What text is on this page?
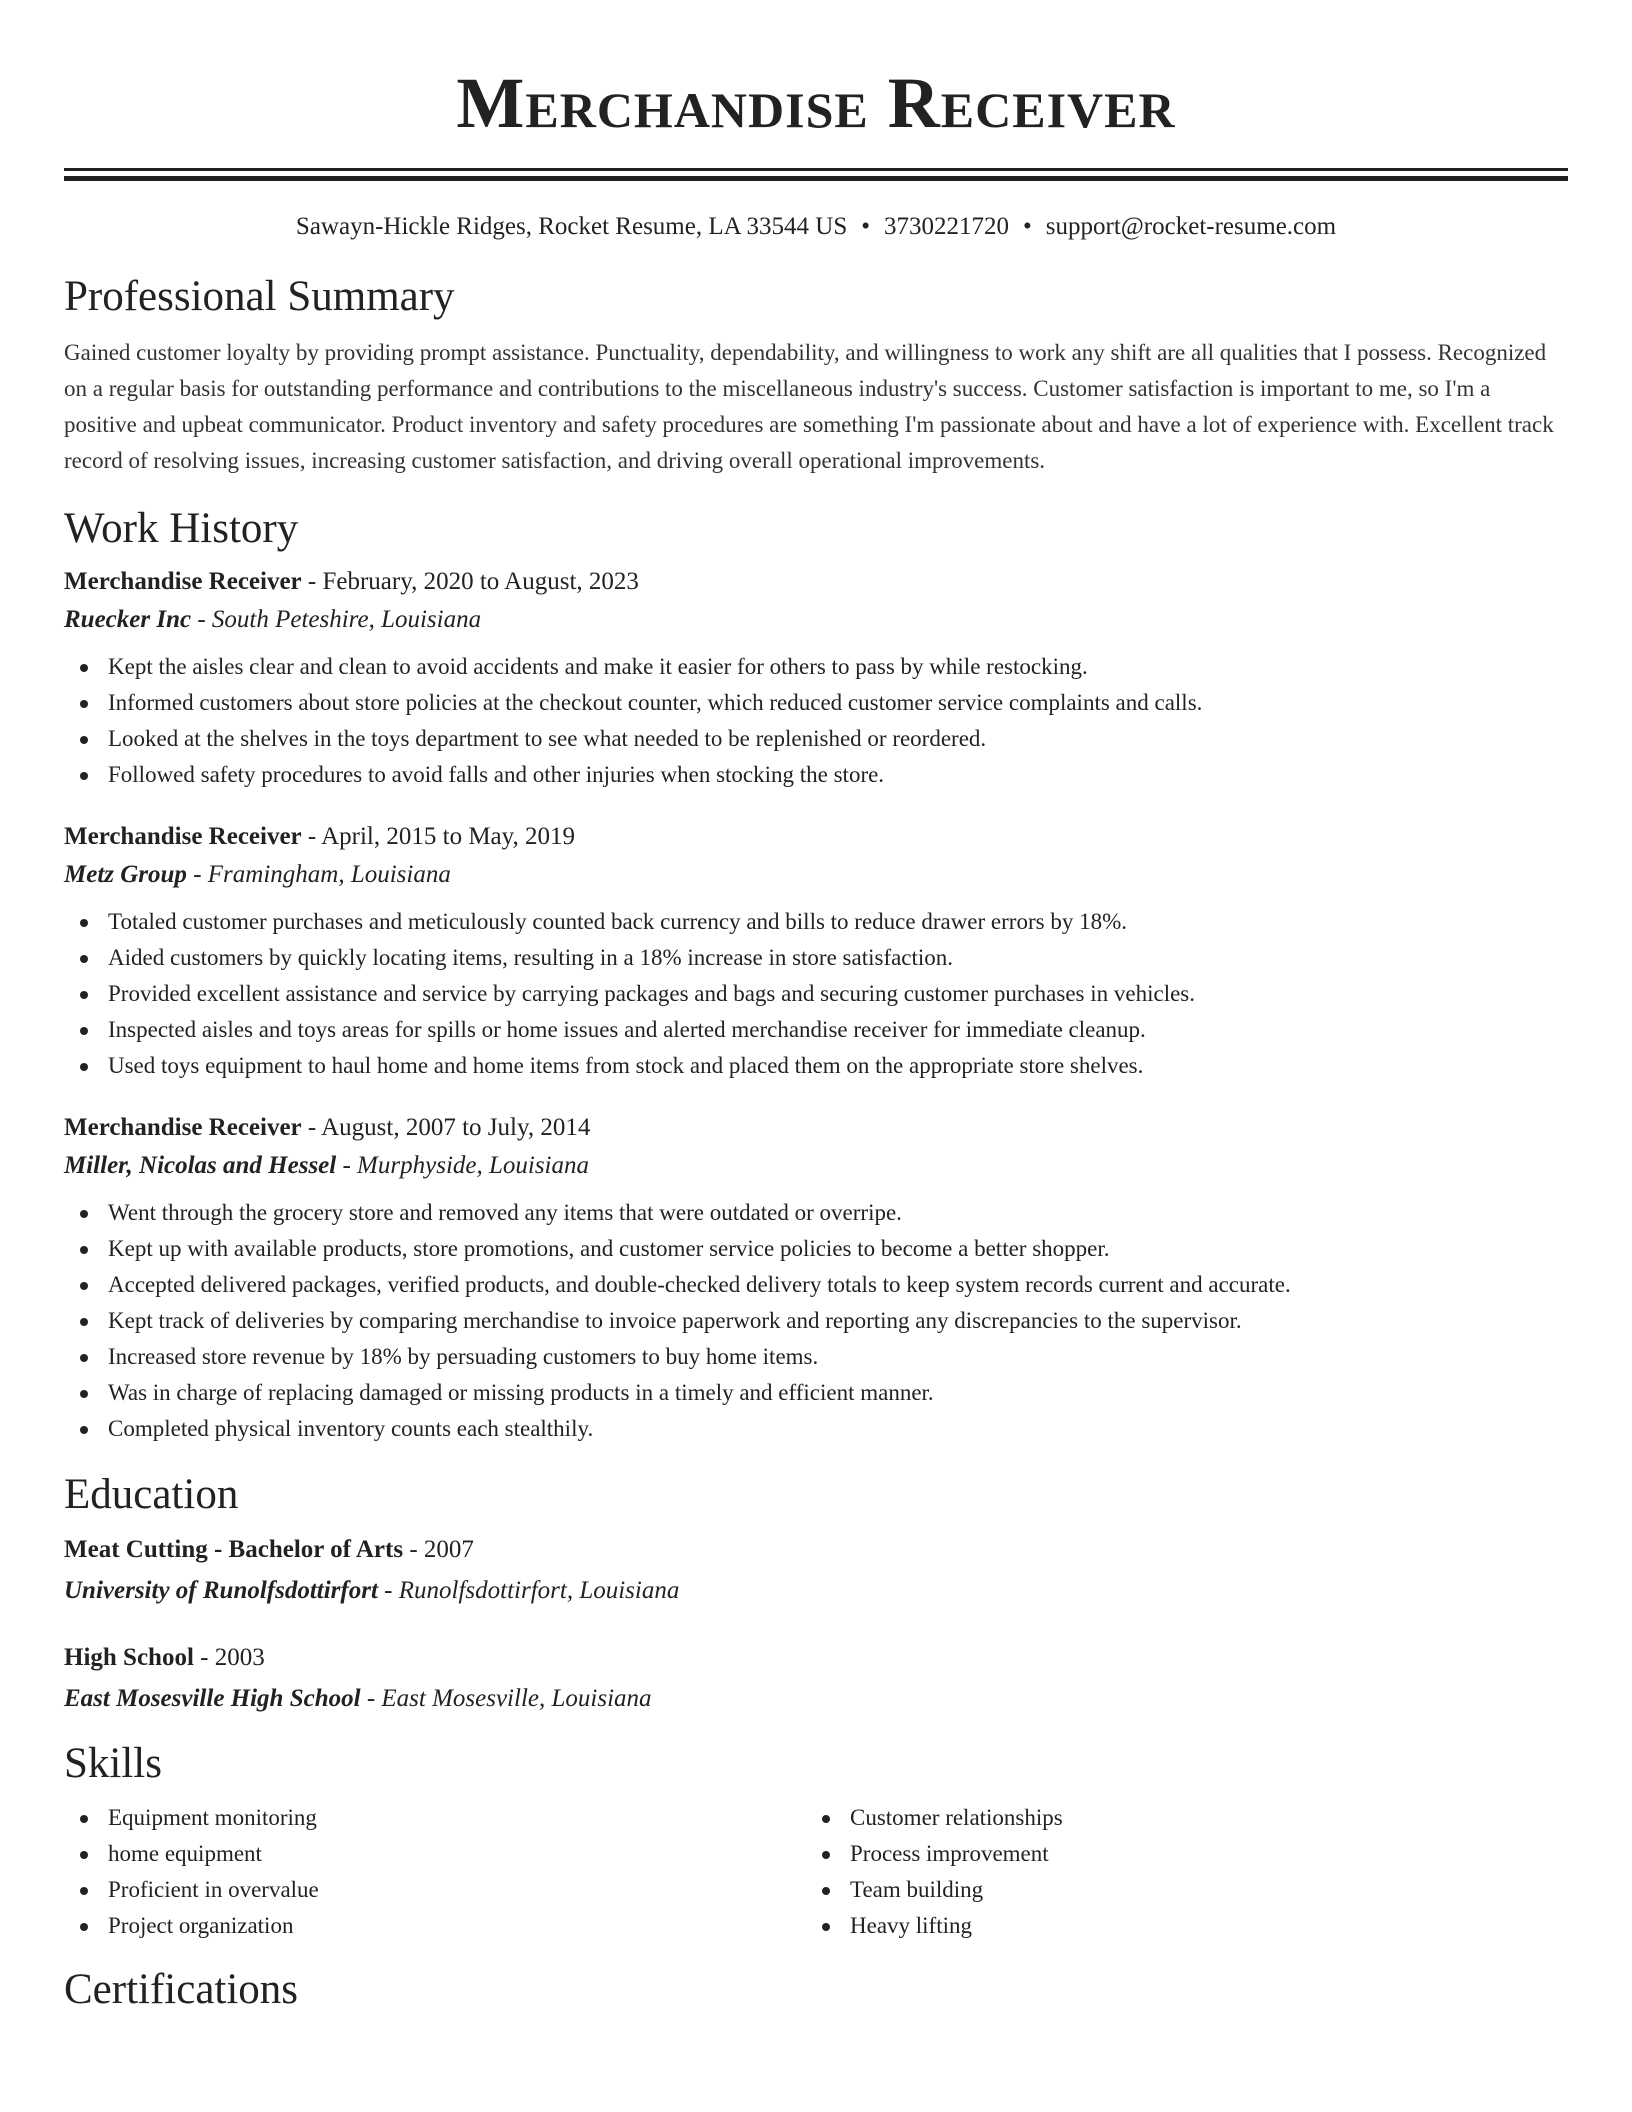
Merchandise Receiver
Sawayn-Hickle Ridges, Rocket Resume, LA 33544 US • 3730221720 • support@rocket-resume.com
Professional Summary
Gained customer loyalty by providing prompt assistance. Punctuality, dependability, and willingness to work any shift are all qualities that I possess. Recognized on a regular basis for outstanding performance and contributions to the miscellaneous industry's success. Customer satisfaction is important to me, so I'm a positive and upbeat communicator. Product inventory and safety procedures are something I'm passionate about and have a lot of experience with. Excellent track record of resolving issues, increasing customer satisfaction, and driving overall operational improvements.
Work History
Merchandise Receiver - February, 2020 to August, 2023
Ruecker Inc - South Peteshire, Louisiana
Kept the aisles clear and clean to avoid accidents and make it easier for others to pass by while restocking.
Informed customers about store policies at the checkout counter, which reduced customer service complaints and calls.
Looked at the shelves in the toys department to see what needed to be replenished or reordered.
Followed safety procedures to avoid falls and other injuries when stocking the store.
Merchandise Receiver - April, 2015 to May, 2019
Metz Group - Framingham, Louisiana
Totaled customer purchases and meticulously counted back currency and bills to reduce drawer errors by 18%.
Aided customers by quickly locating items, resulting in a 18% increase in store satisfaction.
Provided excellent assistance and service by carrying packages and bags and securing customer purchases in vehicles.
Inspected aisles and toys areas for spills or home issues and alerted merchandise receiver for immediate cleanup.
Used toys equipment to haul home and home items from stock and placed them on the appropriate store shelves.
Merchandise Receiver - August, 2007 to July, 2014
Miller, Nicolas and Hessel - Murphyside, Louisiana
Went through the grocery store and removed any items that were outdated or overripe.
Kept up with available products, store promotions, and customer service policies to become a better shopper.
Accepted delivered packages, verified products, and double-checked delivery totals to keep system records current and accurate.
Kept track of deliveries by comparing merchandise to invoice paperwork and reporting any discrepancies to the supervisor.
Increased store revenue by 18% by persuading customers to buy home items.
Was in charge of replacing damaged or missing products in a timely and efficient manner.
Completed physical inventory counts each stealthily.
Education
Meat Cutting - Bachelor of Arts - 2007
University of Runolfsdottirfort - Runolfsdottirfort, Louisiana
High School - 2003
East Mosesville High School - East Mosesville, Louisiana
Skills
Equipment monitoring
home equipment
Proficient in overvalue
Project organization
Customer relationships
Process improvement
Team building
Heavy lifting
Certifications
